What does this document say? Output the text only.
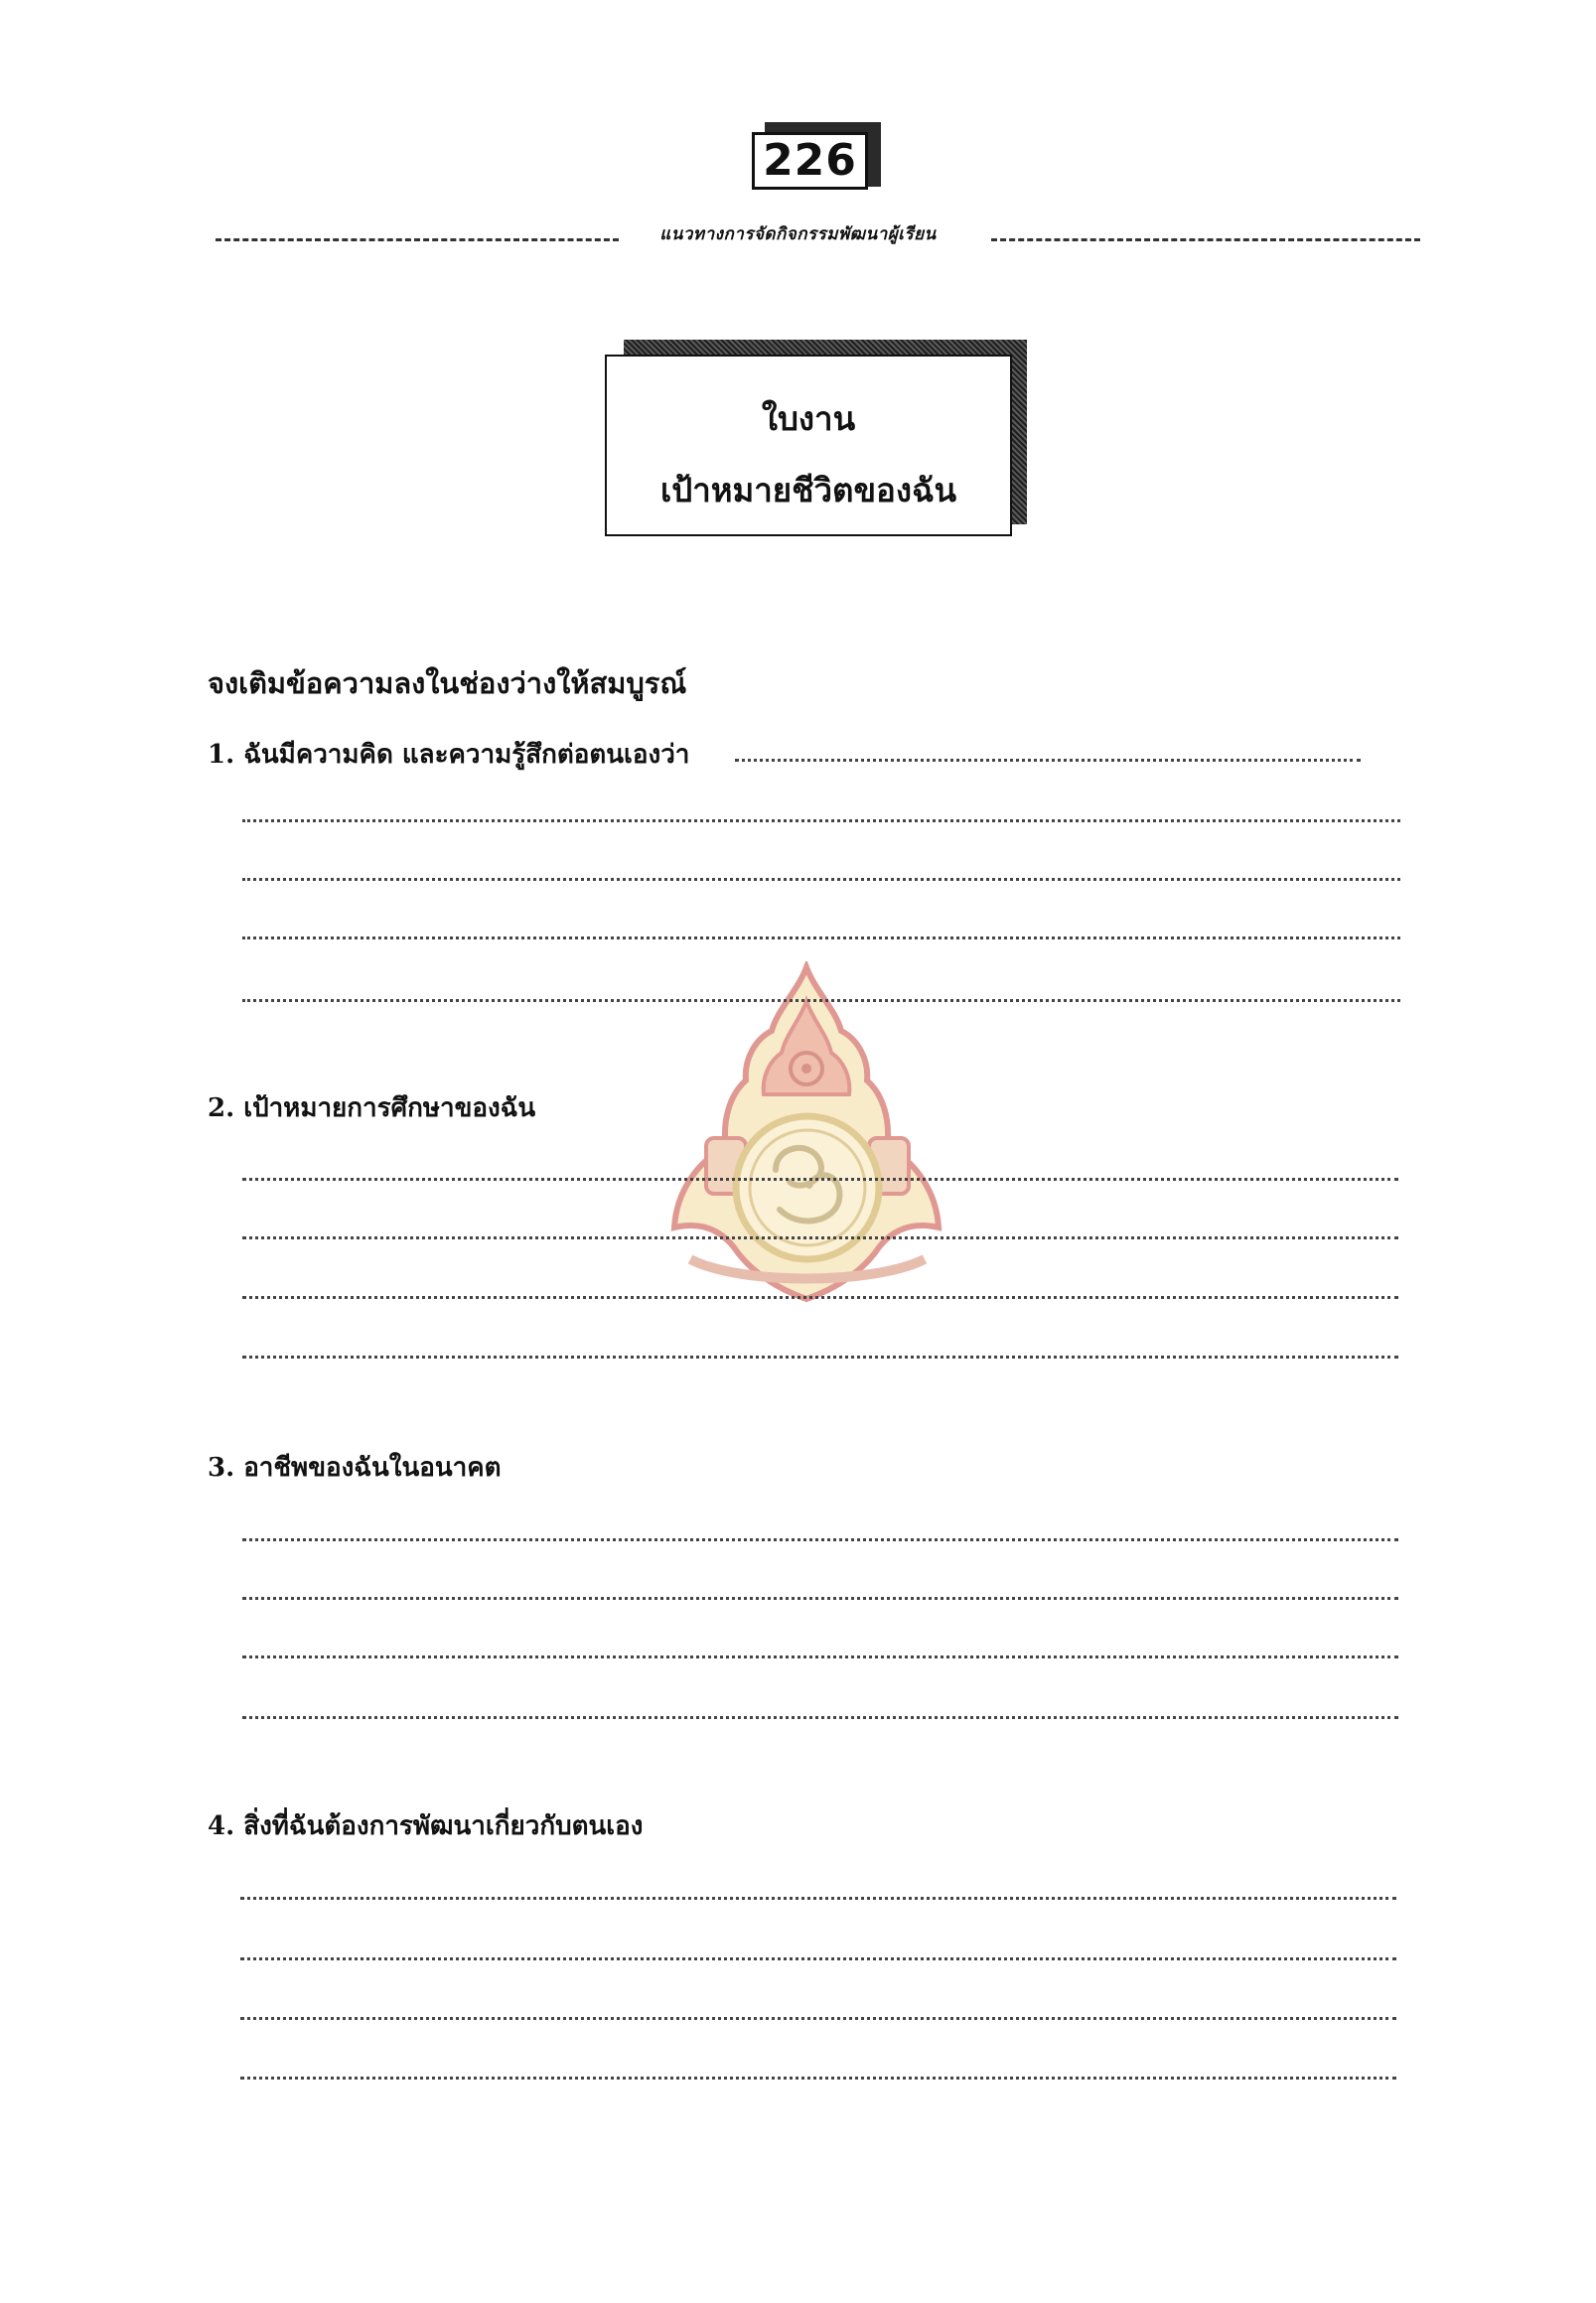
226
แนวทางการจัดกิจกรรมพัฒนาผู้เรียน
ใบงาน
เป้าหมายชีวิตของฉัน
จงเติมข้อความลงในช่องว่างให้สมบูรณ์
1. ฉันมีความคิด และความรู้สึกต่อตนเองว่า
2. เป้าหมายการศึกษาของฉัน
3. อาชีพของฉันในอนาคต
4. สิ่งที่ฉันต้องการพัฒนาเกี่ยวกับตนเอง
